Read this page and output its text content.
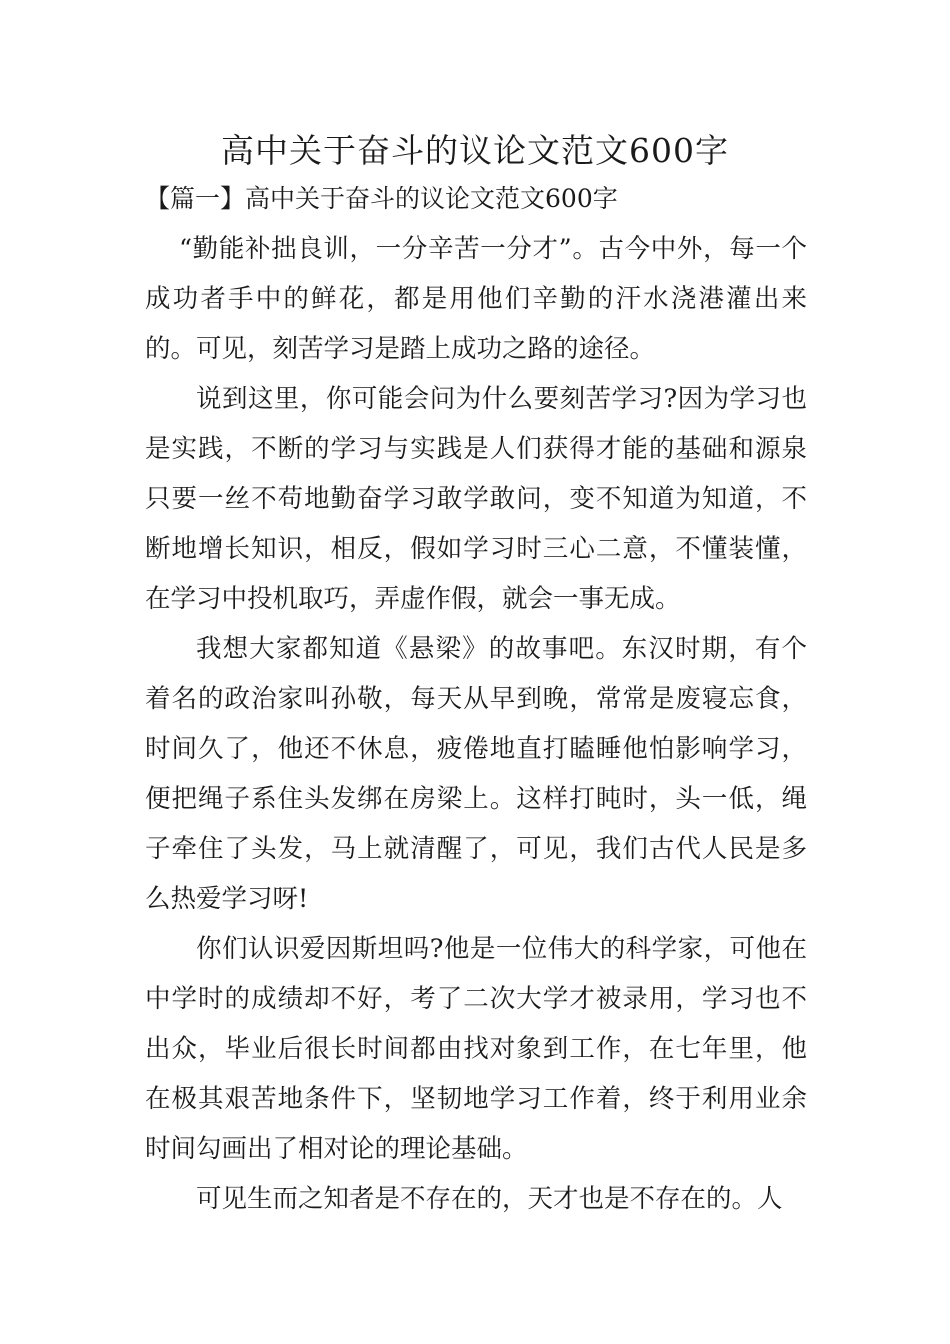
高中关于奋斗的议论文范文600字
【篇一】高中关于奋斗的议论文范文600字

“勤能补拙良训，一分辛苦一分才”。古今中外，每一个成功者手中的鲜花，都是用他们辛勤的汗水浇港灌出来的。可见，刻苦学习是踏上成功之路的途径。

说到这里，你可能会问为什么要刻苦学习?因为学习也是实践，不断的学习与实践是人们获得才能的基础和源泉只要一丝不苟地勤奋学习敢学敢问，变不知道为知道，不断地增长知识，相反，假如学习时三心二意，不懂装懂，在学习中投机取巧，弄虚作假，就会一事无成。

我想大家都知道《悬梁》的故事吧。东汉时期，有个着名的政治家叫孙敬，每天从早到晚，常常是废寝忘食，时间久了，他还不休息，疲倦地直打瞌睡他怕影响学习，便把绳子系住头发绑在房梁上。这样打盹时，头一低，绳子牵住了头发，马上就清醒了，可见，我们古代人民是多么热爱学习呀!

你们认识爱因斯坦吗?他是一位伟大的科学家，可他在中学时的成绩却不好，考了二次大学才被录用，学习也不出众，毕业后很长时间都由找对象到工作，在七年里，他在极其艰苦地条件下，坚韧地学习工作着，终于利用业余时间勾画出了相对论的理论基础。

可见生而之知者是不存在的，天才也是不存在的。人
